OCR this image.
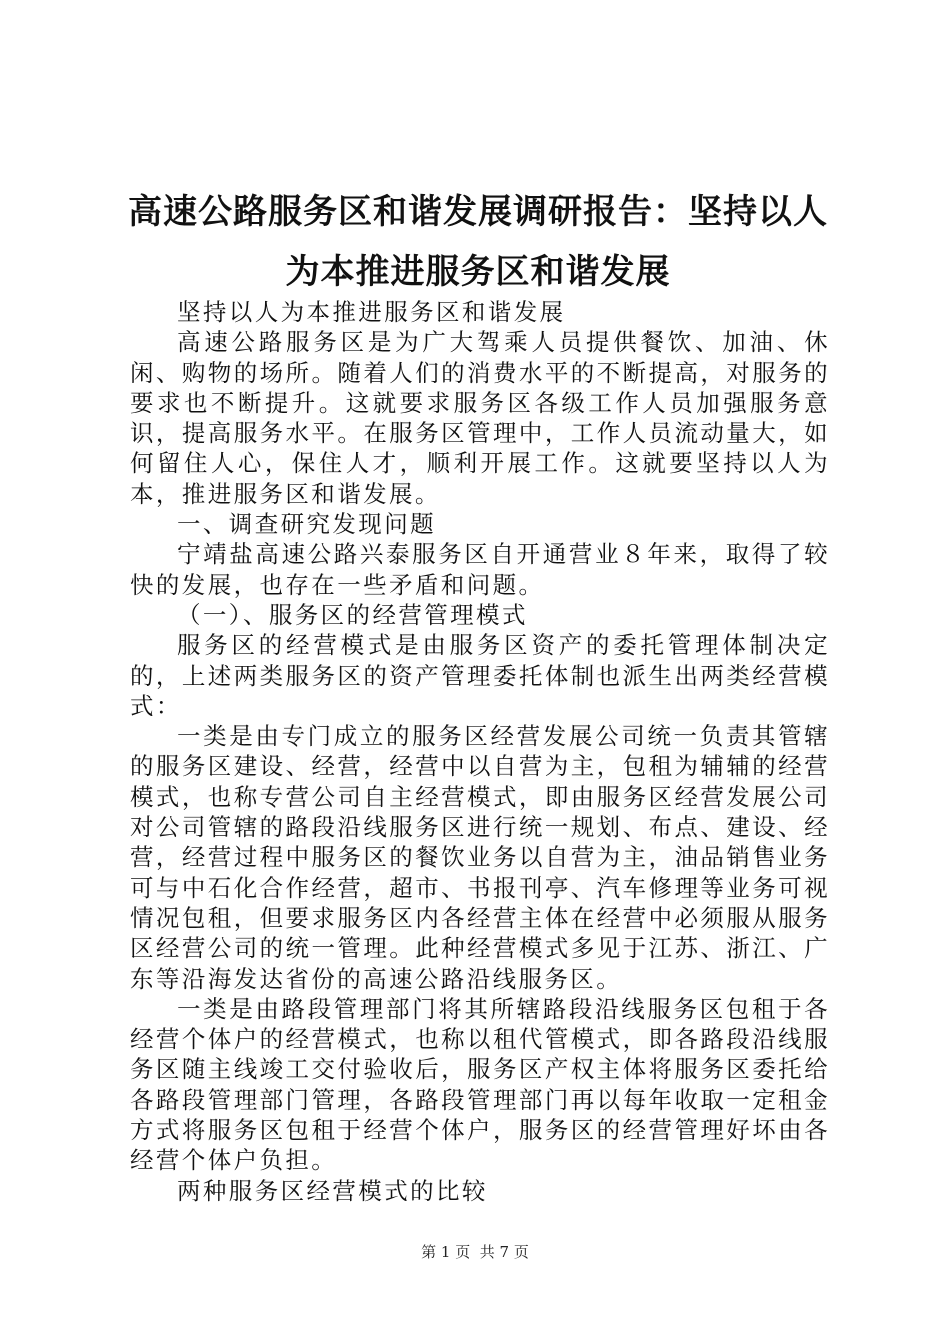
高速公路服务区和谐发展调研报告：坚持以人为本推进服务区和谐发展

坚持以人为本推进服务区和谐发展

高速公路服务区是为广大驾乘人员提供餐饮、加油、休闲、购物的场所。随着人们的消费水平的不断提高，对服务的要求也不断提升。这就要求服务区各级工作人员加强服务意识，提高服务水平。在服务区管理中，工作人员流动量大，如何留住人心，保住人才，顺利开展工作。这就要坚持以人为本，推进服务区和谐发展。

一、调查研究发现问题

宁靖盐高速公路兴泰服务区自开通营业８年来，取得了较快的发展，也存在一些矛盾和问题。

（一）、服务区的经营管理模式

服务区的经营模式是由服务区资产的委托管理体制决定的，上述两类服务区的资产管理委托体制也派生出两类经营模式：

一类是由专门成立的服务区经营发展公司统一负责其管辖的服务区建设、经营，经营中以自营为主，包租为辅辅的经营模式，也称专营公司自主经营模式，即由服务区经营发展公司对公司管辖的路段沿线服务区进行统一规划、布点、建设、经营，经营过程中服务区的餐饮业务以自营为主，油品销售业务可与中石化合作经营，超市、书报刊亭、汽车修理等业务可视情况包租，但要求服务区内各经营主体在经营中必须服从服务区经营公司的统一管理。此种经营模式多见于江苏、浙江、广东等沿海发达省份的高速公路沿线服务区。

一类是由路段管理部门将其所辖路段沿线服务区包租于各经营个体户的经营模式，也称以租代管模式，即各路段沿线服务区随主线竣工交付验收后，服务区产权主体将服务区委托给各路段管理部门管理，各路段管理部门再以每年收取一定租金方式将服务区包租于经营个体户，服务区的经营管理好坏由各经营个体户负担。

两种服务区经营模式的比较

第 1 页  共 7 页
